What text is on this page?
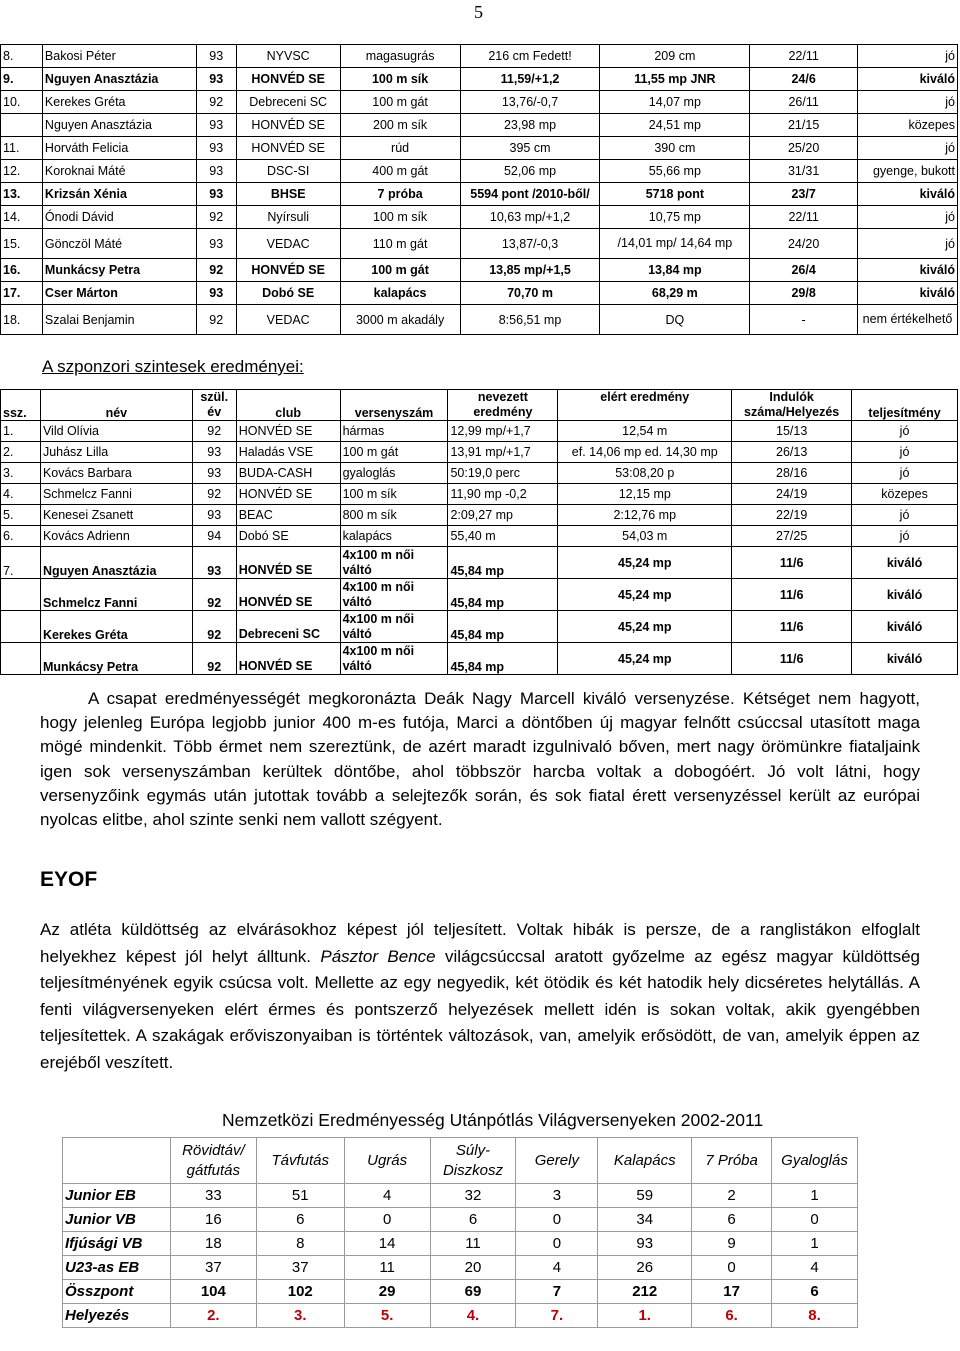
5
8.	Bakosi Péter	93	NYVSC	magasugrás	216 cm Fedett!	209 cm	22/11	jó
9.	Nguyen Anasztázia	93	HONVÉD SE	100 m sík	11,59/+1,2	11,55 mp JNR	24/6	kiváló
10.	Kerekes Gréta	92	Debreceni SC	100 m gát	13,76/-0,7	14,07 mp	26/11	jó
	Nguyen Anasztázia	93	HONVÉD SE	200 m sík	23,98 mp	24,51 mp	21/15	közepes
11.	Horváth Felicia	93	HONVÉD SE	rúd	395 cm	390 cm	25/20	jó
12.	Koroknai Máté	93	DSC-SI	400 m gát	52,06 mp	55,66 mp	31/31	gyenge, bukott
13.	Krizsán Xénia	93	BHSE	7 próba	5594 pont /2010-ből/	5718 pont	23/7	kiváló
14.	Ónodi Dávid	92	Nyírsuli	100 m sík	10,63 mp/+1,2	10,75 mp	22/11	jó
15.	Gönczöl Máté	93	VEDAC	110 m gát	13,87/-0,3	/14,01 mp/ 14,64 mp	24/20	jó
16.	Munkácsy Petra	92	HONVÉD SE	100 m gát	13,85 mp/+1,5	13,84 mp	26/4	kiváló
17.	Cser Márton	93	Dobó SE	kalapács	70,70 m	68,29 m	29/8	kiváló
18.	Szalai Benjamin	92	VEDAC	3000 m akadály	8:56,51 mp	DQ	-	nem értékelhető
A szponzori szintesek eredményei:
ssz.	név	szül. év	club	versenyszám	nevezett eredmény	elért eredmény	Indulók száma/Helyezés	teljesítmény
1.	Vild Olívia	92	HONVÉD SE	hármas	12,99 mp/+1,7	12,54 m	15/13	jó
2.	Juhász Lilla	93	Haladás VSE	100 m gát	13,91 mp/+1,7	ef. 14,06 mp ed. 14,30 mp	26/13	jó
3.	Kovács Barbara	93	BUDA-CASH	gyaloglás	50:19,0 perc	53:08,20 p	28/16	jó
4.	Schmelcz Fanni	92	HONVÉD SE	100 m sík	11,90 mp -0,2	12,15 mp	24/19	közepes
5.	Kenesei Zsanett	93	BEAC	800 m sík	2:09,27 mp	2:12,76 mp	22/19	jó
6.	Kovács Adrienn	94	Dobó SE	kalapács	55,40 m	54,03 m	27/25	jó
7.	Nguyen Anasztázia	93	HONVÉD SE	4x100 m női váltó	45,84 mp	45,24 mp	11/6	kiváló
	Schmelcz Fanni	92	HONVÉD SE	4x100 m női váltó	45,84 mp	45,24 mp	11/6	kiváló
	Kerekes Gréta	92	Debreceni SC	4x100 m női váltó	45,84 mp	45,24 mp	11/6	kiváló
	Munkácsy Petra	92	HONVÉD SE	4x100 m női váltó	45,84 mp	45,24 mp	11/6	kiváló
A csapat eredményességét megkoronázta Deák Nagy Marcell kiváló versenyzése. Kétséget nem hagyott, hogy jelenleg Európa legjobb junior 400 m-es futója, Marci a döntőben új magyar felnőtt csúccsal utasított maga mögé mindenkit. Több érmet nem szereztünk, de azért maradt izgulnivaló bőven, mert nagy örömünkre fiataljaink igen sok versenyszámban kerültek döntőbe, ahol többször harcba voltak a dobogóért. Jó volt látni, hogy versenyzőink egymás után jutottak tovább a selejtezők során, és sok fiatal érett versenyzéssel került az európai nyolcas elitbe, ahol szinte senki nem vallott szégyent.
EYOF
Az atléta küldöttség az elvárásokhoz képest jól teljesített. Voltak hibák is persze, de a ranglistákon elfoglalt helyekhez képest jól helyt álltunk. Pásztor Bence világcsúccsal aratott győzelme az egész magyar küldöttség teljesítményének egyik csúcsa volt. Mellette az egy negyedik, két ötödik és két hatodik hely dicséretes helytállás. A fenti világversenyeken elért érmes és pontszerző helyezések mellett idén is sokan voltak, akik gyengébben teljesítettek. A szakágak erőviszonyaiban is történtek változások, van, amelyik erősödött, de van, amelyik éppen az erejéből veszített.
Nemzetközi Eredményesség Utánpótlás Világversenyeken 2002-2011
	Rövidtáv/ gátfutás	Távfutás	Ugrás	Súly- Diszkosz	Gerely	Kalapács	7 Próba	Gyaloglás
Junior EB	33	51	4	32	3	59	2	1
Junior VB	16	6	0	6	0	34	6	0
Ifjúsági VB	18	8	14	11	0	93	9	1
U23-as EB	37	37	11	20	4	26	0	4
Összpont	104	102	29	69	7	212	17	6
Helyezés	2.	3.	5.	4.	7.	1.	6.	8.
